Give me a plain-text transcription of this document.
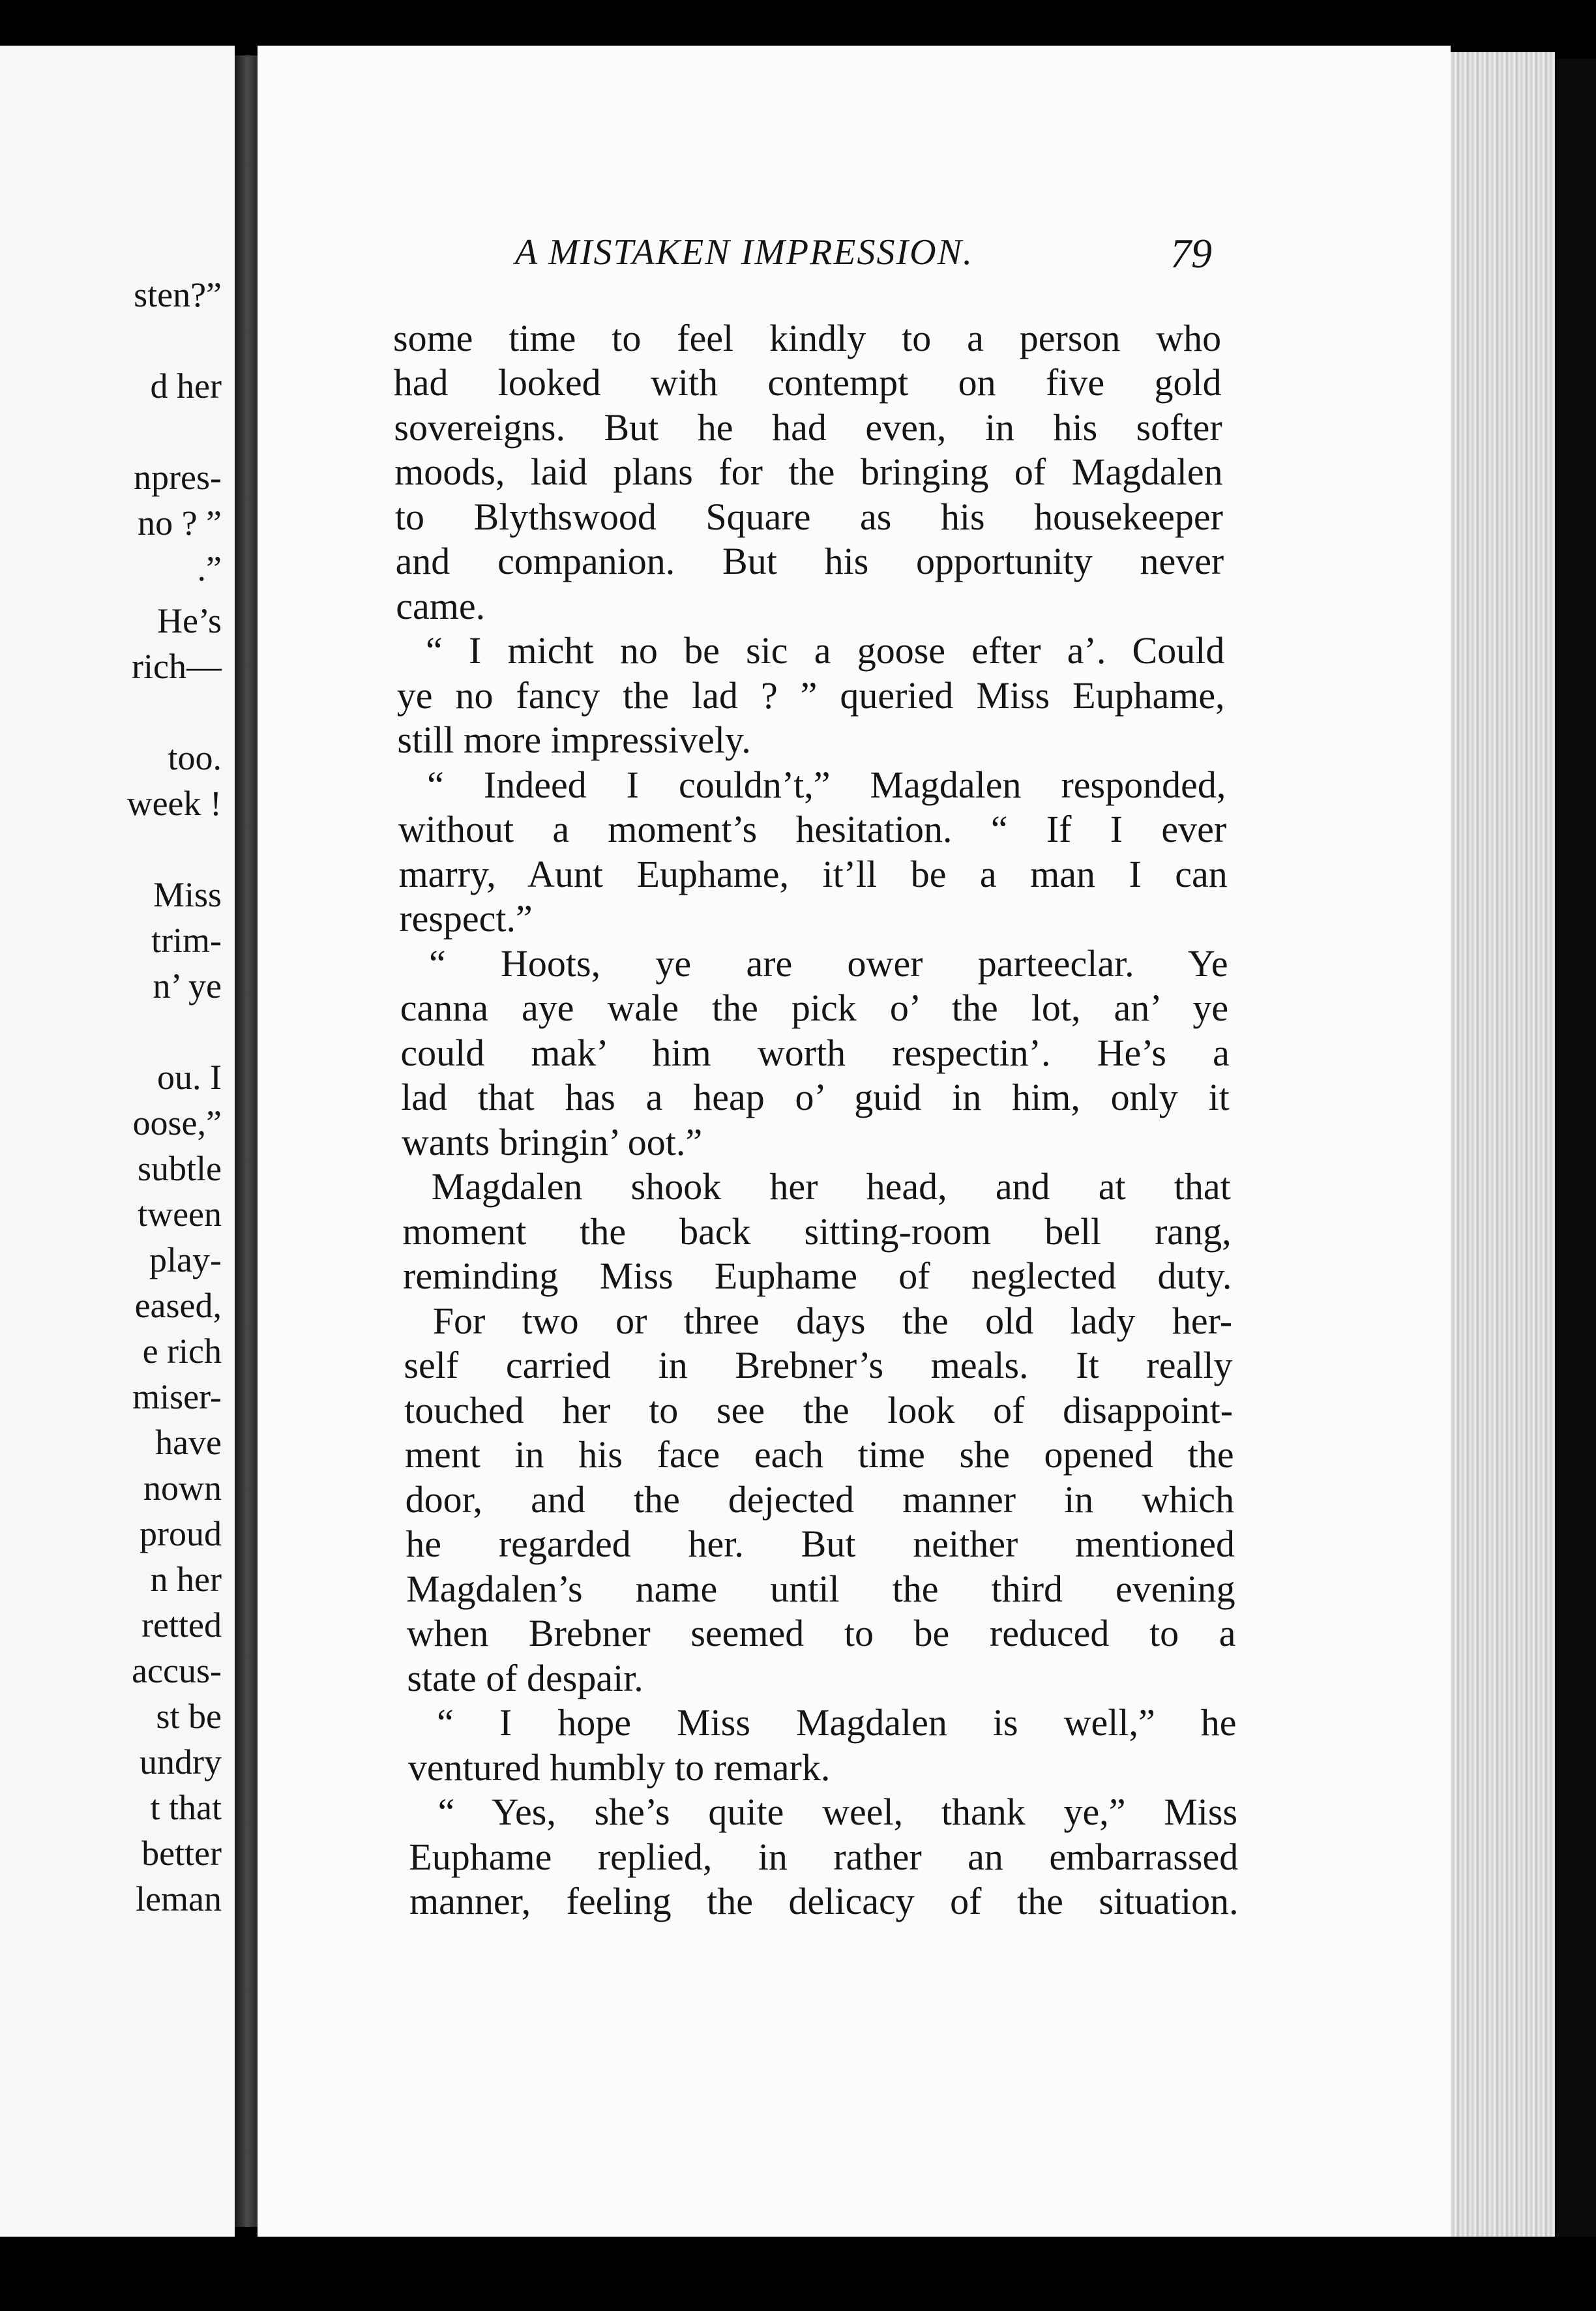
sten?”
d her
npres-
no ? ”
.”
He’s
rich—
too.
week !
Miss
trim-
n’ ye
ou. I
oose,”
subtle
tween
play-
eased,
e rich
miser-
have
nown
proud
n her
retted
accus-
st be
undry
t that
better
leman
A MISTAKEN IMPRESSION.	79
some time to feel kindly to a person who
had looked with contempt on five gold
sovereigns. But he had even, in his softer
moods, laid plans for the bringing of Magdalen
to Blythswood Square as his housekeeper
and companion. But his opportunity never
came.
“ I micht no be sic a goose efter a’. Could
ye no fancy the lad ? ” queried Miss Euphame,
still more impressively.
“ Indeed I couldn’t,” Magdalen responded,
without a moment’s hesitation. “ If I ever
marry, Aunt Euphame, it’ll be a man I can
respect.”
“ Hoots, ye are ower parteeclar. Ye
canna aye wale the pick o’ the lot, an’ ye
could mak’ him worth respectin’. He’s a
lad that has a heap o’ guid in him, only it
wants bringin’ oot.”
Magdalen shook her head, and at that
moment the back sitting-room bell rang,
reminding Miss Euphame of neglected duty.
For two or three days the old lady her-
self carried in Brebner’s meals. It really
touched her to see the look of disappoint-
ment in his face each time she opened the
door, and the dejected manner in which
he regarded her. But neither mentioned
Magdalen’s name until the third evening
when Brebner seemed to be reduced to a
state of despair.
“ I hope Miss Magdalen is well,” he
ventured humbly to remark.
“ Yes, she’s quite weel, thank ye,” Miss
Euphame replied, in rather an embarrassed
manner, feeling the delicacy of the situation.
